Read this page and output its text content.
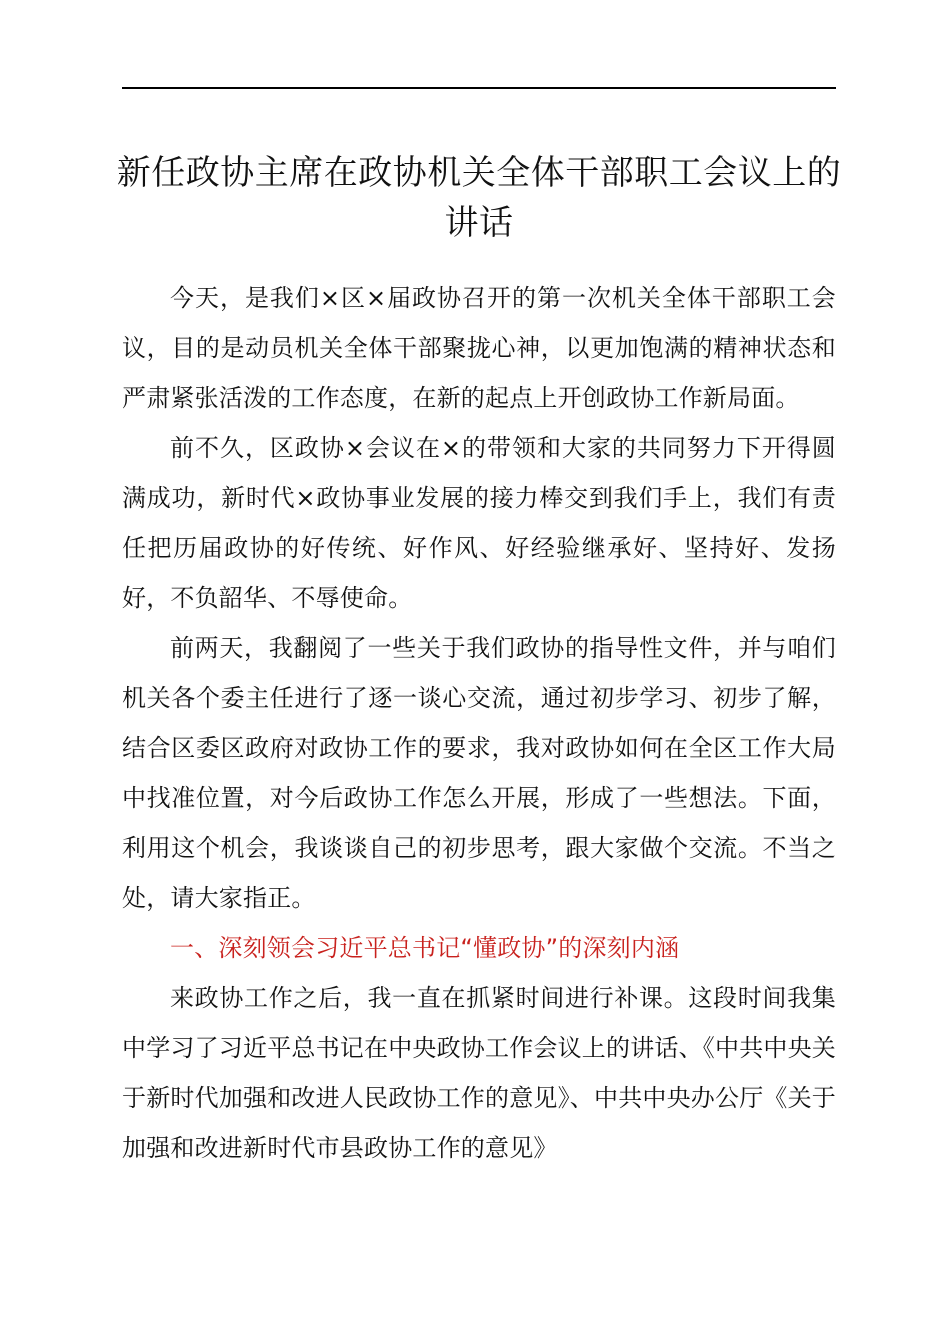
新任政协主席在政协机关全体干部职工会议上的讲话

今天，是我们×区×届政协召开的第一次机关全体干部职工会议，目的是动员机关全体干部聚拢心神，以更加饱满的精神状态和严肃紧张活泼的工作态度，在新的起点上开创政协工作新局面。

前不久，区政协×会议在×的带领和大家的共同努力下开得圆满成功，新时代×政协事业发展的接力棒交到我们手上，我们有责任把历届政协的好传统、好作风、好经验继承好、坚持好、发扬好，不负韶华、不辱使命。

前两天，我翻阅了一些关于我们政协的指导性文件，并与咱们机关各个委主任进行了逐一谈心交流，通过初步学习、初步了解，结合区委区政府对政协工作的要求，我对政协如何在全区工作大局中找准位置，对今后政协工作怎么开展，形成了一些想法。下面，利用这个机会，我谈谈自己的初步思考，跟大家做个交流。不当之处，请大家指正。

一、深刻领会习近平总书记“懂政协”的深刻内涵

来政协工作之后，我一直在抓紧时间进行补课。这段时间我集中学习了习近平总书记在中央政协工作会议上的讲话、《中共中央关于新时代加强和改进人民政协工作的意见》、中共中央办公厅《关于加强和改进新时代市县政协工作的意见》
